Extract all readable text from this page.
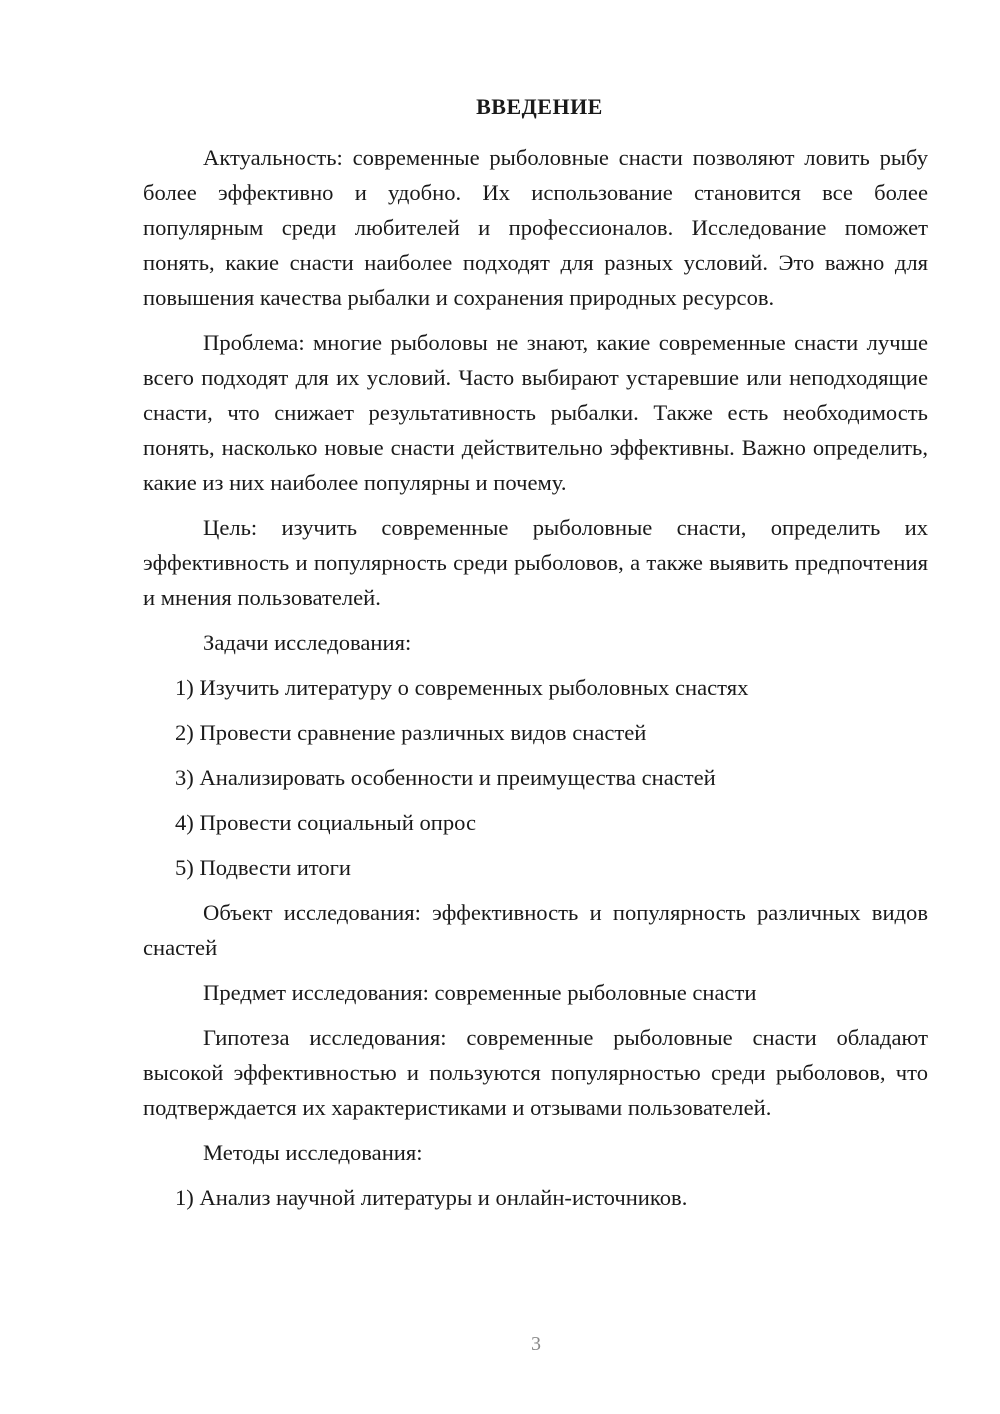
ВВЕДЕНИЕ

Актуальность: современные рыболовные снасти позволяют ловить рыбу более эффективно и удобно. Их использование становится все более популярным среди любителей и профессионалов. Исследование поможет понять, какие снасти наиболее подходят для разных условий. Это важно для повышения качества рыбалки и сохранения природных ресурсов.

Проблема: многие рыболовы не знают, какие современные снасти лучше всего подходят для их условий. Часто выбирают устаревшие или неподходящие снасти, что снижает результативность рыбалки. Также есть необходимость понять, насколько новые снасти действительно эффективны. Важно определить, какие из них наиболее популярны и почему.

Цель: изучить современные рыболовные снасти, определить их эффективность и популярность среди рыболовов, а также выявить предпочтения и мнения пользователей.

Задачи исследования:

1) Изучить литературу о современных рыболовных снастях

2) Провести сравнение различных видов снастей

3) Анализировать особенности и преимущества снастей

4) Провести социальный опрос

5) Подвести итоги

Объект исследования: эффективность и популярность различных видов снастей

Предмет исследования: современные рыболовные снасти

Гипотеза исследования: современные рыболовные снасти обладают высокой эффективностью и пользуются популярностью среди рыболовов, что подтверждается их характеристиками и отзывами пользователей.

Методы исследования:

1) Анализ научной литературы и онлайн-источников.

3
